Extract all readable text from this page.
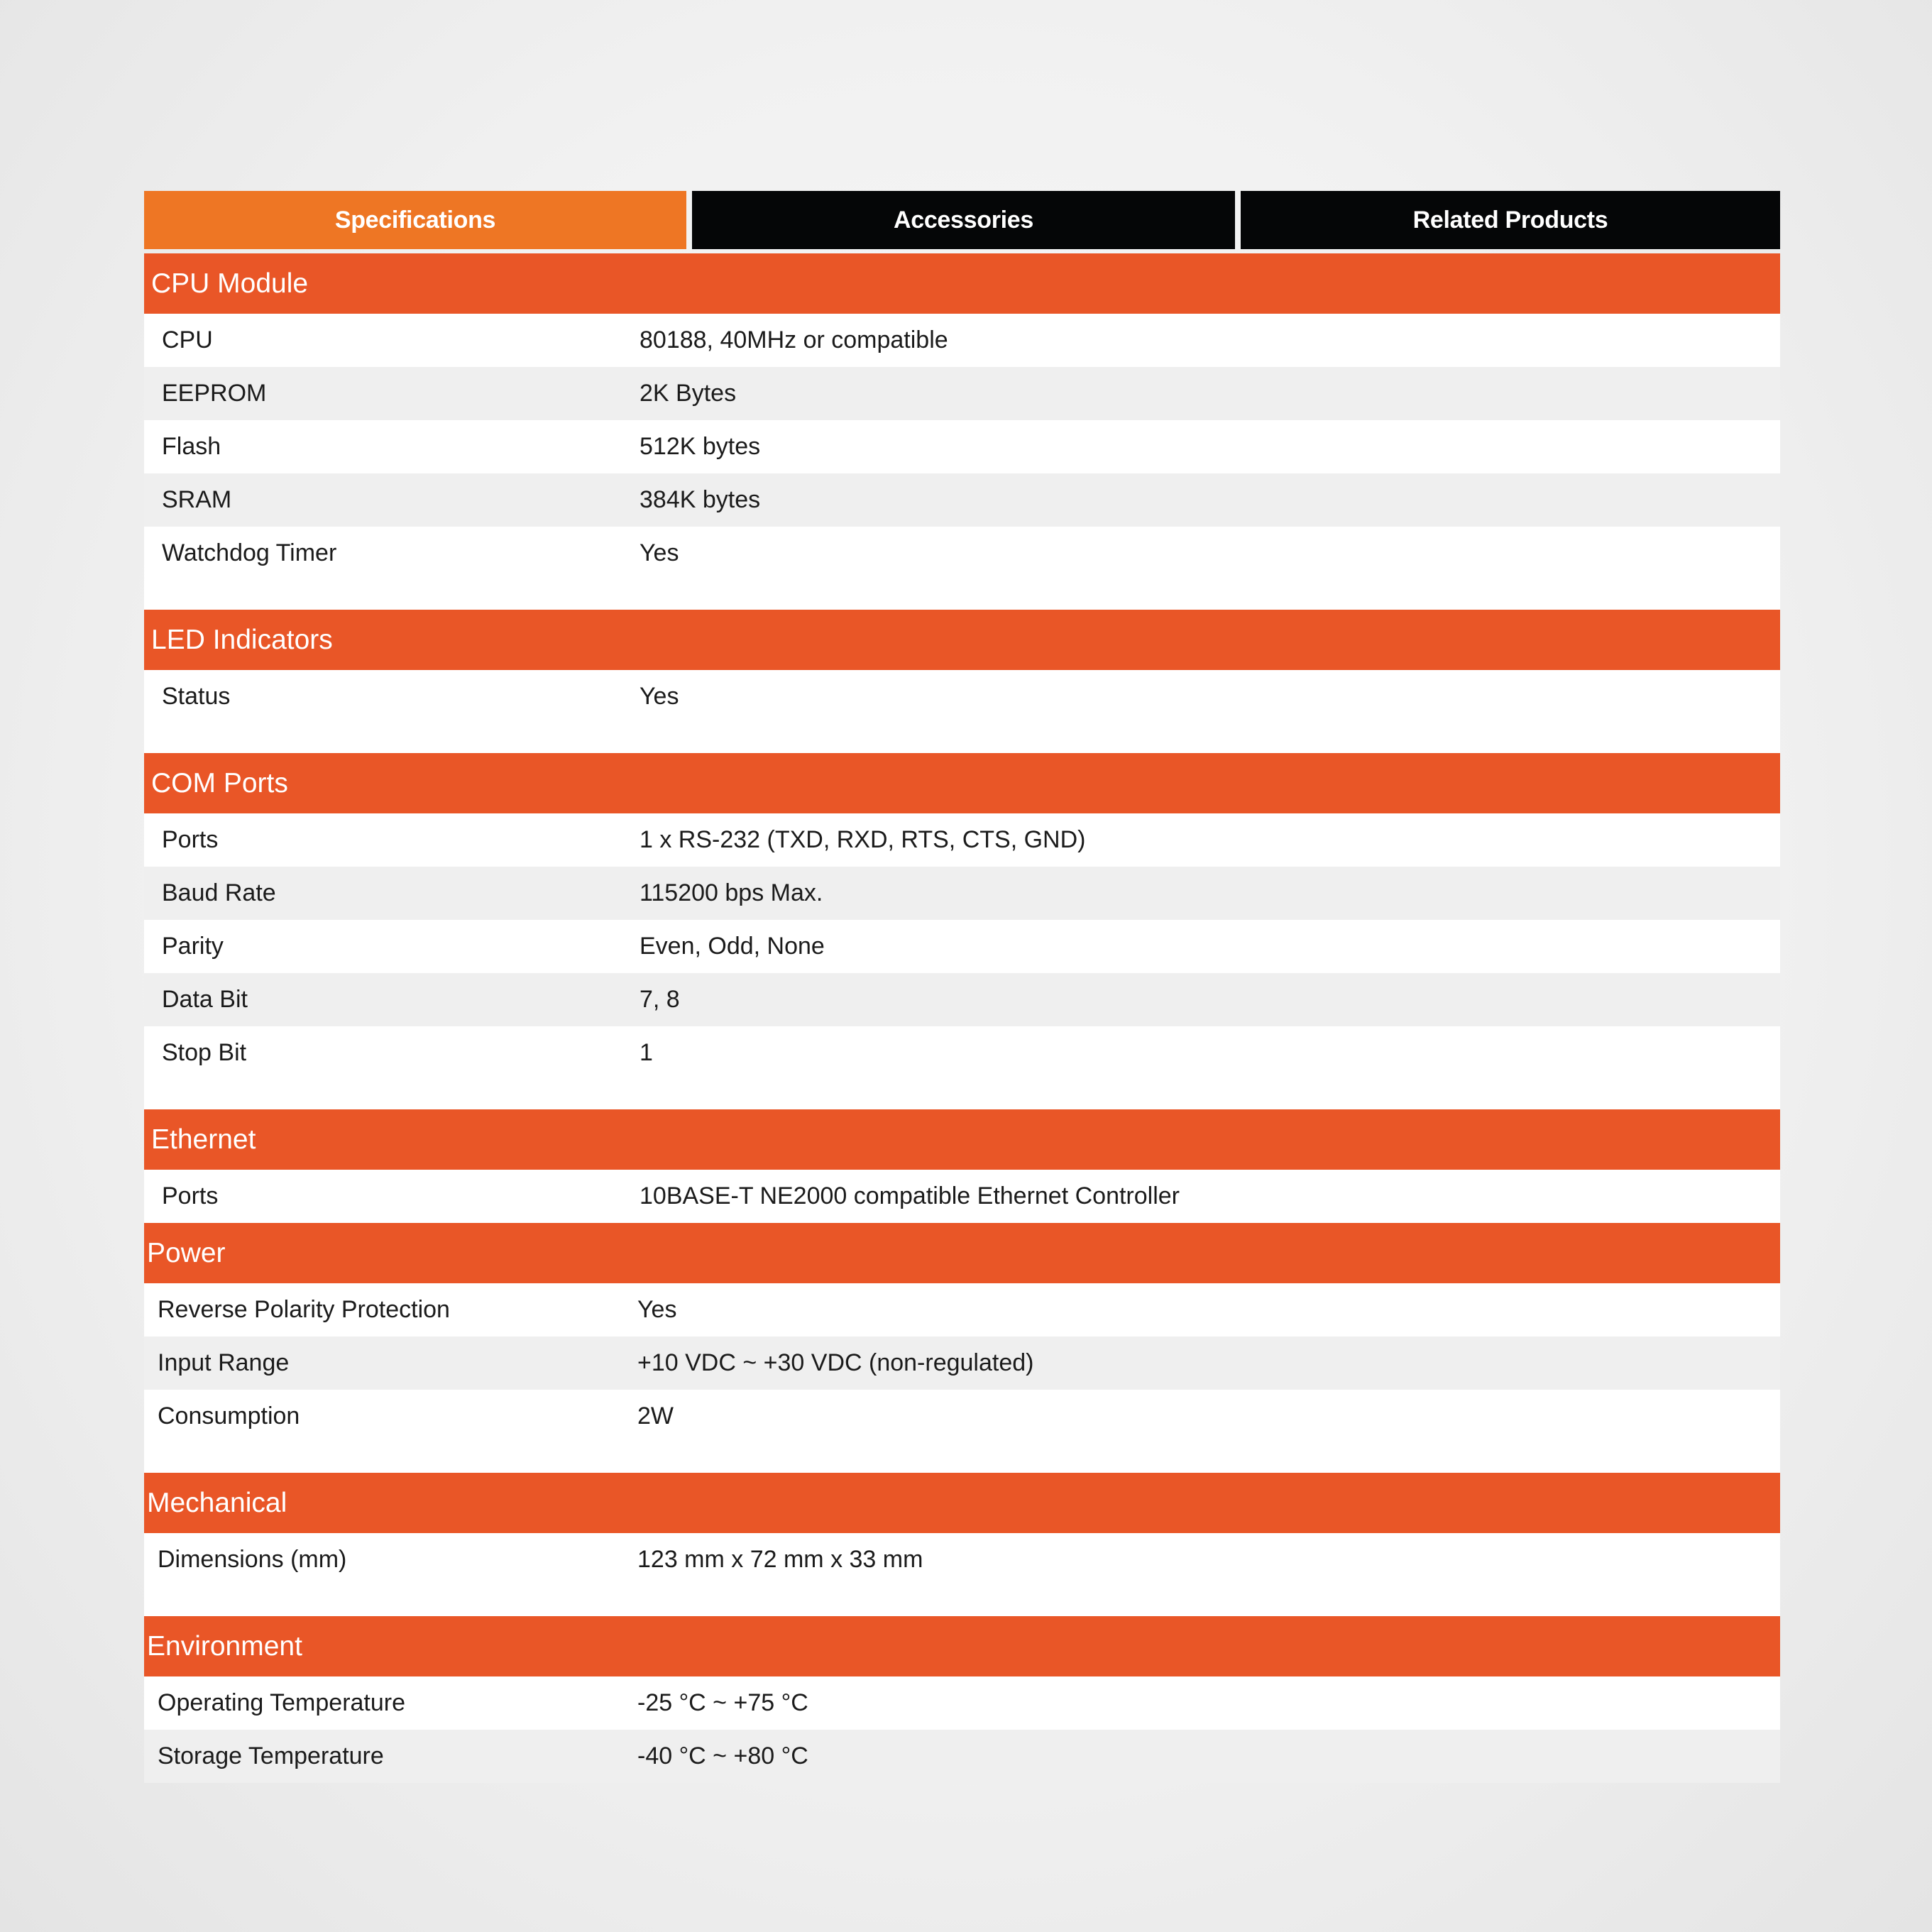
Specifications	Accessories	Related Products
CPU Module
CPU	80188, 40MHz or compatible
EEPROM	2K Bytes
Flash	512K bytes
SRAM	384K bytes
Watchdog Timer	Yes
LED Indicators
Status	Yes
COM Ports
Ports	1 x RS-232 (TXD, RXD, RTS, CTS, GND)
Baud Rate	115200 bps Max.
Parity	Even, Odd, None
Data Bit	7, 8
Stop Bit	1
Ethernet
Ports	10BASE-T NE2000 compatible Ethernet Controller
Power
Reverse Polarity Protection	Yes
Input Range	+10 VDC ~ +30 VDC (non-regulated)
Consumption	2W
Mechanical
Dimensions (mm)	123 mm x 72 mm x 33 mm
Environment
Operating Temperature	-25 °C ~ +75 °C
Storage Temperature	-40 °C ~ +80 °C
